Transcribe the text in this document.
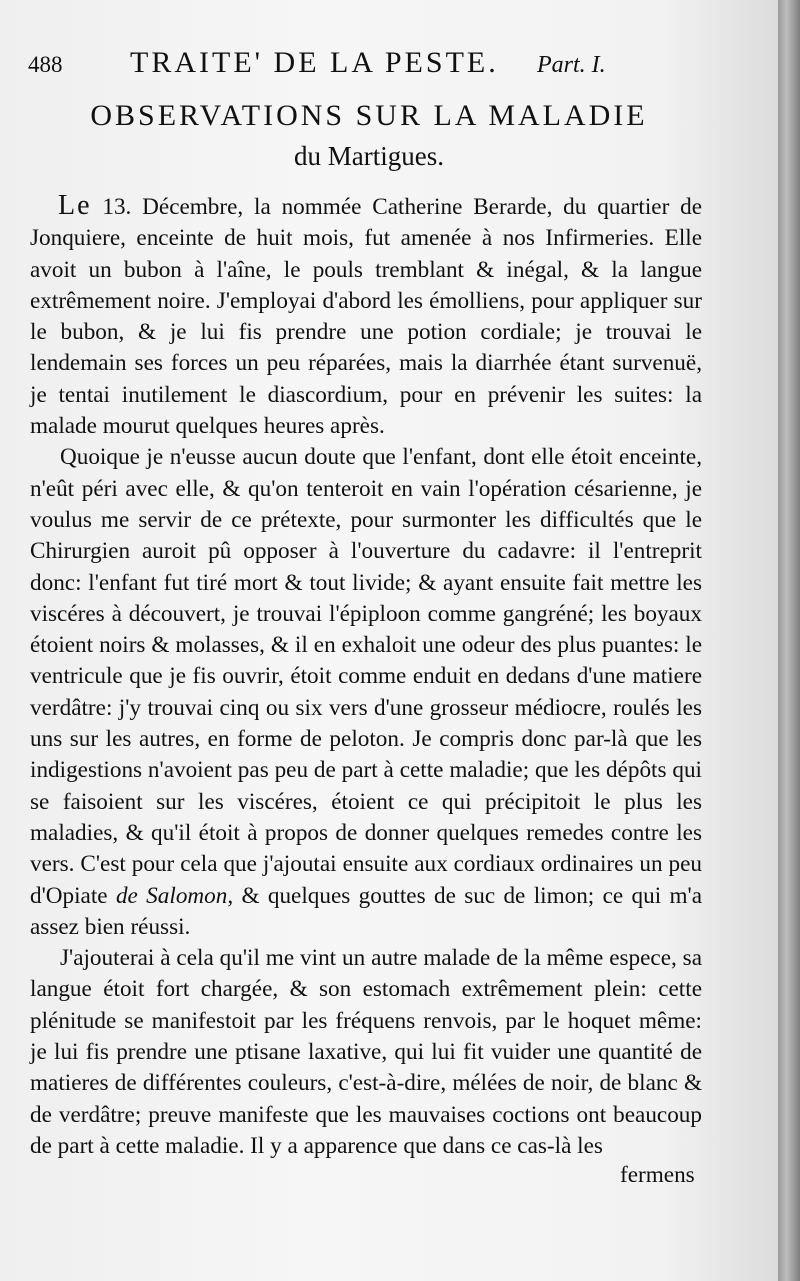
488 TRAITE' DE LA PESTE. Part. I.
OBSERVATIONS SUR LA MALADIE
du Martigues.

Le 13. Décembre, la nommée Catherine Berarde, du quartier de Jonquiere, enceinte de huit mois, fut amenée à nos Infirmeries. Elle avoit un bubon à l'aîne, le pouls tremblant & inégal, & la langue extrêmement noire. J'employai d'abord les émolliens, pour appliquer sur le bubon, & je lui fis prendre une potion cordiale; je trouvai le lendemain ses forces un peu réparées, mais la diarrhée étant survenuë, je tentai inutilement le diascordium, pour en prévenir les suites: la malade mourut quelques heures après.

Quoique je n'eusse aucun doute que l'enfant, dont elle étoit enceinte, n'eût péri avec elle, & qu'on tenteroit en vain l'opération césarienne, je voulus me servir de ce prétexte, pour surmonter les difficultés que le Chirurgien auroit pû opposer à l'ouverture du cadavre: il l'entreprit donc: l'enfant fut tiré mort & tout livide; & ayant ensuite fait mettre les viscéres à découvert, je trouvai l'épiploon comme gangréné; les boyaux étoient noirs & molasses, & il en exhaloit une odeur des plus puantes: le ventricule que je fis ouvrir, étoit comme enduit en dedans d'une matiere verdâtre: j'y trouvai cinq ou six vers d'une grosseur médiocre, roulés les uns sur les autres, en forme de peloton. Je compris donc par-là que les indigestions n'avoient pas peu de part à cette maladie; que les dépôts qui se faisoient sur les viscéres, étoient ce qui précipitoit le plus les maladies, & qu'il étoit à propos de donner quelques remedes contre les vers. C'est pour cela que j'ajoutai ensuite aux cordiaux ordinaires un peu d'Opiate de Salomon, & quelques gouttes de suc de limon; ce qui m'a assez bien réussi.

J'ajouterai à cela qu'il me vint un autre malade de la même espece, sa langue étoit fort chargée, & son estomach extrêmement plein: cette plénitude se manifestoit par les fréquens renvois, par le hoquet même: je lui fis prendre une ptisane laxative, qui lui fit vuider une quantité de matieres de différentes couleurs, c'est-à-dire, mélées de noir, de blanc & de verdâtre; preuve manifeste que les mauvaises coctions ont beaucoup de part à cette maladie. Il y a apparence que dans ce cas-là les

fermens
